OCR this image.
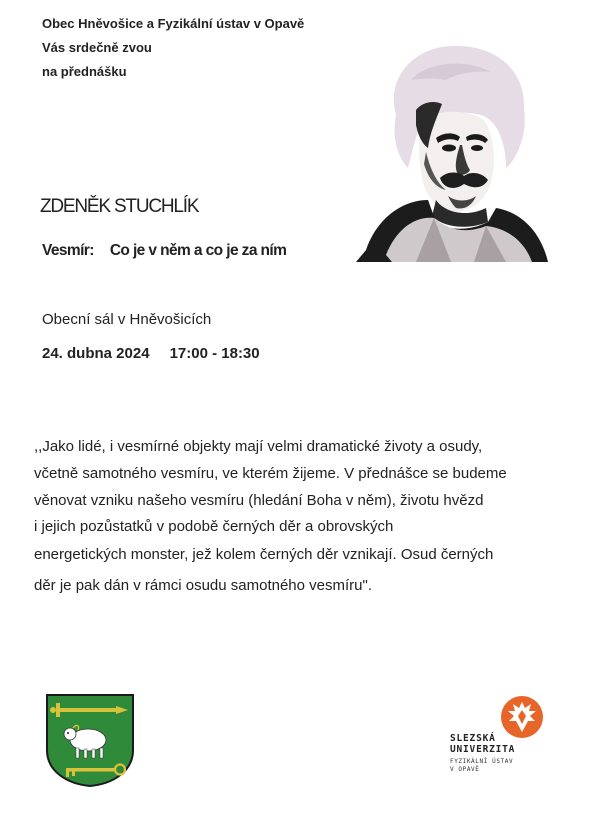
Obec Hněvošice a Fyzikální ústav v Opavě
Vás srdečně zvou
na přednášku
ZDENĚK STUCHLÍK
Vesmír: Co je v něm a co je za ním
Obecní sál v Hněvošicích
24. dubna 2024 17:00 - 18:30
,,Jako lidé, i vesmírné objekty mají velmi dramatické životy a osudy,
včetně samotného vesmíru, ve kterém žijeme. V přednášce se budeme
věnovat vzniku našeho vesmíru (hledání Boha v něm), životu hvězd
i jejich pozůstatků v podobě černých děr a obrovských
energetických monster, jež kolem černých děr vznikají. Osud černých
děr je pak dán v rámci osudu samotného vesmíru".
SLEZSKÁ
UNIVERZITA
FYZIKÁLNÍ ÚSTAV
V OPAVĚ
